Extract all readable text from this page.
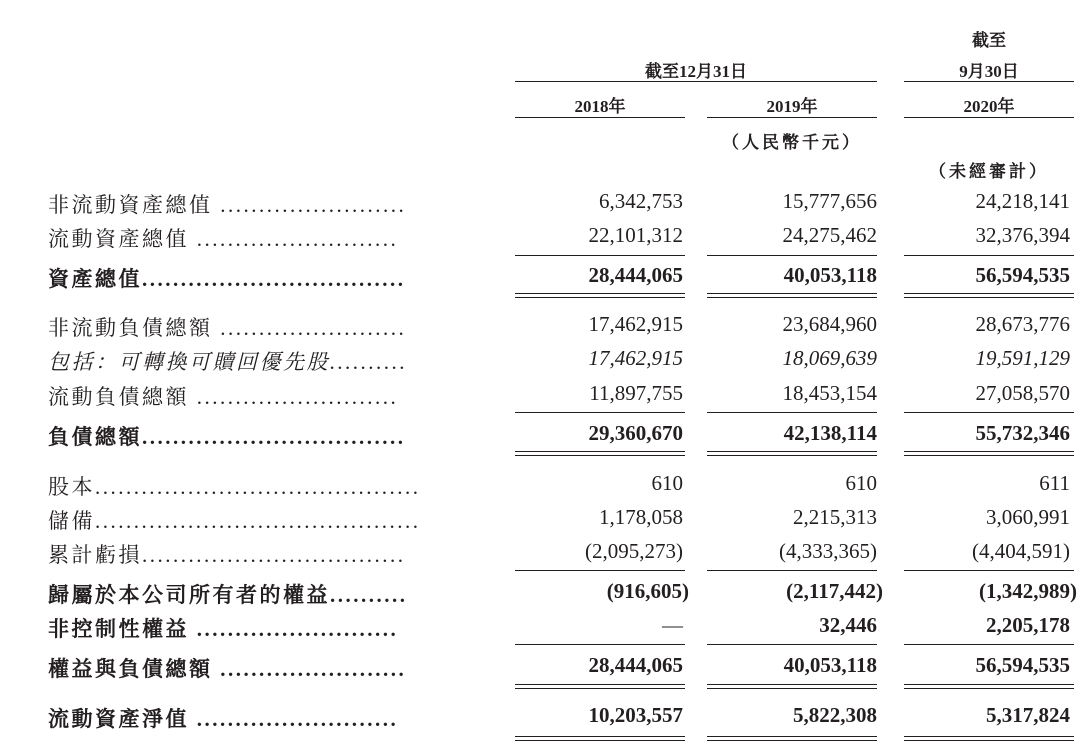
截至
截至12月31日	9月30日
2018年	2019年	2020年
（人民幣千元）
（未經審計）
非流動資產總值 ........................	6,342,753	15,777,656	24,218,141
流動資產總值 ..........................	22,101,312	24,275,462	32,376,394
資產總值..................................	28,444,065	40,053,118	56,594,535
非流動負債總額 ........................	17,462,915	23,684,960	28,673,776
包括：可轉換可贖回優先股..........	17,462,915	18,069,639	19,591,129
流動負債總額 ..........................	11,897,755	18,453,154	27,058,570
負債總額..................................	29,360,670	42,138,114	55,732,346
股本..........................................	610	610	611
儲備..........................................	1,178,058	2,215,313	3,060,991
累計虧損..................................	(2,095,273)	(4,333,365)	(4,404,591)
歸屬於本公司所有者的權益..........	(916,605)	(2,117,442)	(1,342,989)
非控制性權益 ..........................	—	32,446	2,205,178
權益與負債總額 ........................	28,444,065	40,053,118	56,594,535
流動資產淨值 ..........................	10,203,557	5,822,308	5,317,824
